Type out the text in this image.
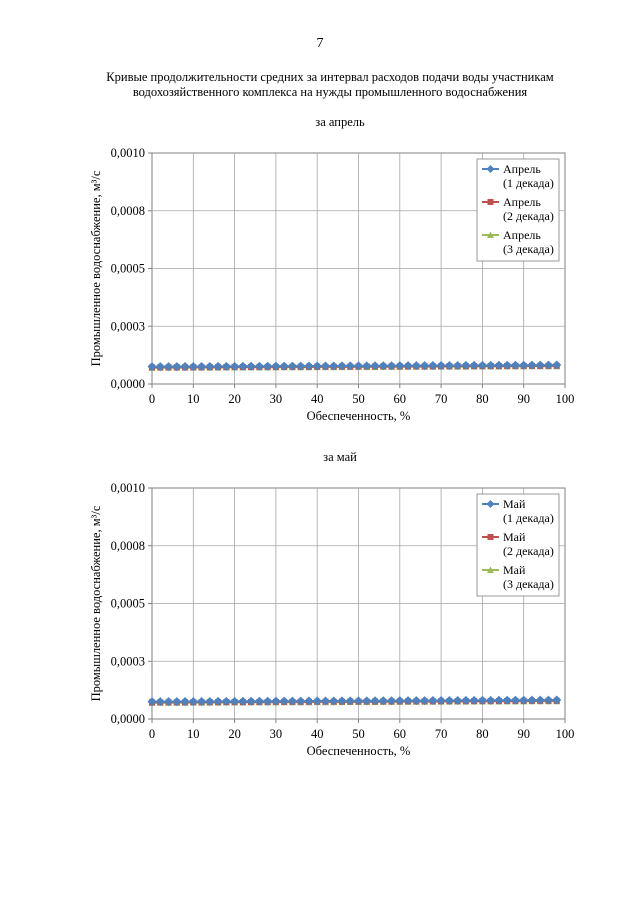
7
Кривые продолжительности средних за интервал расходов подачи воды участникам
водохозяйственного комплекса на нужды промышленного водоснабжения
за апрель
0	10 20 30 40 50 60 70 80 90 100
0,0000
0,0003
0,0005
0,0008
0,0010
Обеспеченность, %
Промышленное водоснабжение, м³/с
Апрель
(1 декада)
Апрель
(2 декада)
Апрель
(3 декада)
за май
0	10 20 30 40 50 60 70 80 90 100
0,0000
0,0003
0,0005
0,0008
0,0010
Обеспеченность, %
Промышленное водоснабжение, м³/с
Май
(1 декада)
Май
(2 декада)
Май
(3 декада)
